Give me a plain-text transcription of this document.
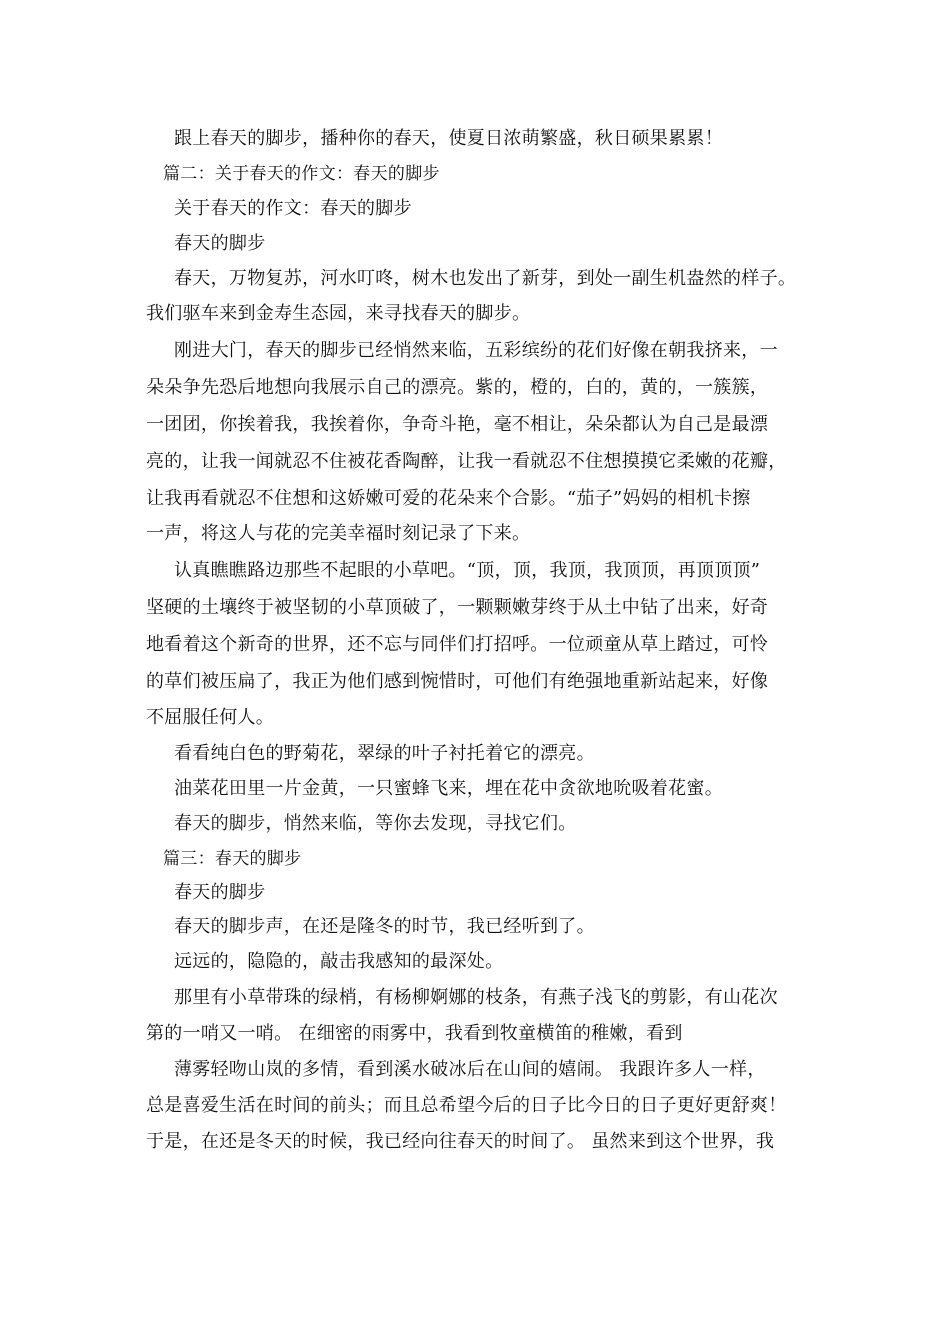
跟上春天的脚步，播种你的春天，使夏日浓萌繁盛，秋日硕果累累！
篇二：关于春天的作文：春天的脚步
关于春天的作文：春天的脚步
春天的脚步
春天，万物复苏，河水叮咚，树木也发出了新芽，到处一副生机盎然的样子。
我们驱车来到金寿生态园，来寻找春天的脚步。
刚进大门，春天的脚步已经悄然来临，五彩缤纷的花们好像在朝我挤来，一
朵朵争先恐后地想向我展示自己的漂亮。紫的，橙的，白的，黄的，一簇簇，
一团团，你挨着我，我挨着你，争奇斗艳，毫不相让，朵朵都认为自己是最漂
亮的，让我一闻就忍不住被花香陶醉，让我一看就忍不住想摸摸它柔嫩的花瓣，
让我再看就忍不住想和这娇嫩可爱的花朵来个合影。“茄子”妈妈的相机卡擦
一声，将这人与花的完美幸福时刻记录了下来。
认真瞧瞧路边那些不起眼的小草吧。“顶，顶，我顶，我顶顶，再顶顶顶”
坚硬的土壤终于被坚韧的小草顶破了，一颗颗嫩芽终于从土中钻了出来，好奇
地看着这个新奇的世界，还不忘与同伴们打招呼。一位顽童从草上踏过，可怜
的草们被压扁了，我正为他们感到惋惜时，可他们有绝强地重新站起来，好像
不屈服任何人。
看看纯白色的野菊花，翠绿的叶子衬托着它的漂亮。
油菜花田里一片金黄，一只蜜蜂飞来，埋在花中贪欲地吮吸着花蜜。
春天的脚步，悄然来临，等你去发现，寻找它们。
篇三：春天的脚步
春天的脚步
春天的脚步声，在还是隆冬的时节，我已经听到了。
远远的，隐隐的，敲击我感知的最深处。
那里有小草带珠的绿梢，有杨柳婀娜的枝条，有燕子浅飞的剪影，有山花次
第的一哨又一哨。 在细密的雨雾中，我看到牧童横笛的稚嫩，看到
薄雾轻吻山岚的多情，看到溪水破冰后在山间的嬉闹。 我跟许多人一样，
总是喜爱生活在时间的前头；而且总希望今后的日子比今日的日子更好更舒爽！
于是，在还是冬天的时候，我已经向往春天的时间了。 虽然来到这个世界，我
